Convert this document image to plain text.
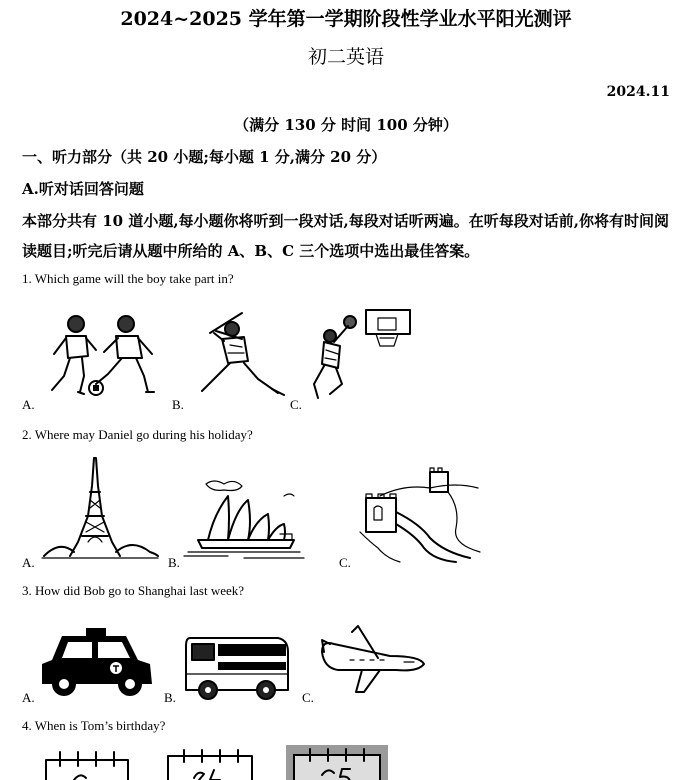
2024~2025 学年第一学期阶段性学业水平阳光测评
初二英语
2024.11
（满分 130 分 时间 100 分钟）
一、听力部分（共 20 小题;每小题 1 分,满分 20 分）
A.听对话回答问题
本部分共有 10 道小题,每小题你将听到一段对话,每段对话听两遍。在听每段对话前,你将有时间阅读题目;听完后请从题中所给的 A、B、C 三个选项中选出最佳答案。
1. Which game will the boy take part in?
A.	B.	C.
2. Where may Daniel go during his holiday?
A.	B.	C.
3. How did Bob go to Shanghai last week?
A.	B.	C.
4. When is Tom’s birthday?
